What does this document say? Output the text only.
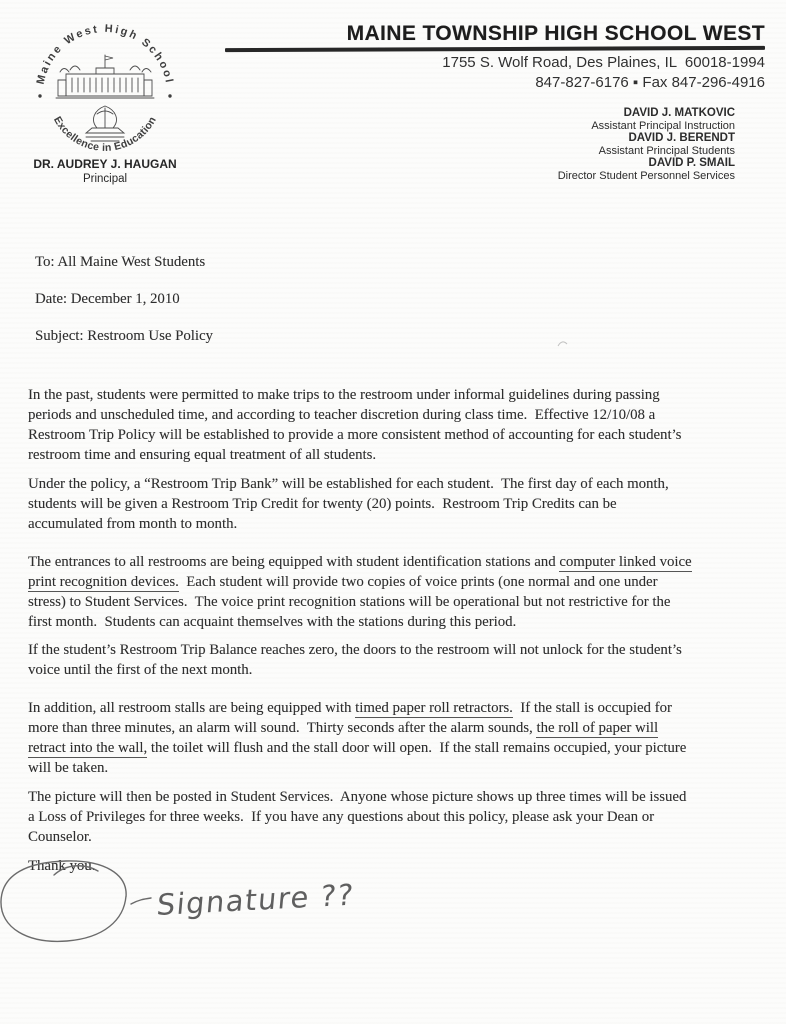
Maine West High School
Excellence in Education
DR. AUDREY J. HAUGAN
Principal
MAINE TOWNSHIP HIGH SCHOOL WEST
1755 S. Wolf Road, Des Plaines, IL  60018-1994
847-827-6176 ▪ Fax 847-296-4916
DAVID J. MATKOVIC
Assistant Principal Instruction
DAVID J. BERENDT
Assistant Principal Students
DAVID P. SMAIL
Director Student Personnel Services
To: All Maine West Students
Date: December 1, 2010
Subject: Restroom Use Policy
In the past, students were permitted to make trips to the restroom under informal guidelines during passing
periods and unscheduled time, and according to teacher discretion during class time.  Effective 12/10/08 a
Restroom Trip Policy will be established to provide a more consistent method of accounting for each student’s
restroom time and ensuring equal treatment of all students.
Under the policy, a “Restroom Trip Bank” will be established for each student.  The first day of each month,
students will be given a Restroom Trip Credit for twenty (20) points.  Restroom Trip Credits can be
accumulated from month to month.
The entrances to all restrooms are being equipped with student identification stations and computer linked voice
print recognition devices.  Each student will provide two copies of voice prints (one normal and one under
stress) to Student Services.  The voice print recognition stations will be operational but not restrictive for the
first month.  Students can acquaint themselves with the stations during this period.
If the student’s Restroom Trip Balance reaches zero, the doors to the restroom will not unlock for the student’s
voice until the first of the next month.
In addition, all restroom stalls are being equipped with timed paper roll retractors.  If the stall is occupied for
more than three minutes, an alarm will sound.  Thirty seconds after the alarm sounds, the roll of paper will
retract into the wall, the toilet will flush and the stall door will open.  If the stall remains occupied, your picture
will be taken.
The picture will then be posted in Student Services.  Anyone whose picture shows up three times will be issued
a Loss of Privileges for three weeks.  If you have any questions about this policy, please ask your Dean or
Counselor.
Thank you.
Signature ??
